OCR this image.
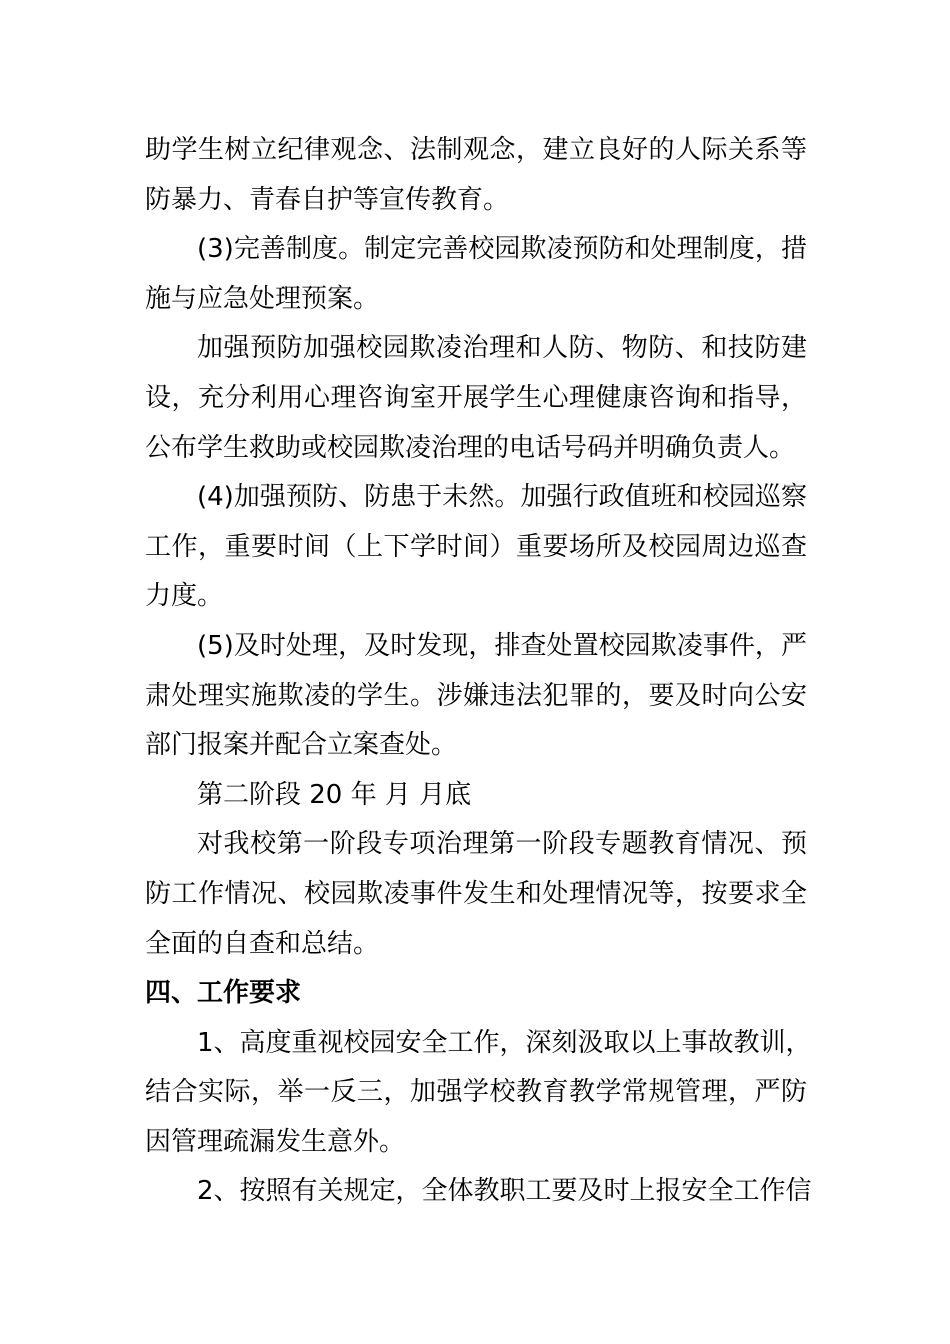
助学生树立纪律观念、法制观念，建立良好的人际关系等
防暴力、青春自护等宣传教育。
(3)完善制度。制定完善校园欺凌预防和处理制度，措
施与应急处理预案。
加强预防加强校园欺凌治理和人防、物防、和技防建
设，充分利用心理咨询室开展学生心理健康咨询和指导，
公布学生救助或校园欺凌治理的电话号码并明确负责人。
(4)加强预防、防患于未然。加强行政值班和校园巡察
工作，重要时间（上下学时间）重要场所及校园周边巡查
力度。
(5)及时处理，及时发现，排查处置校园欺凌事件，严
肃处理实施欺凌的学生。涉嫌违法犯罪的，要及时向公安
部门报案并配合立案查处。
第二阶段 20 年 月 月底
对我校第一阶段专项治理第一阶段专题教育情况、预
防工作情况、校园欺凌事件发生和处理情况等，按要求全
全面的自查和总结。
四、工作要求
1、高度重视校园安全工作，深刻汲取以上事故教训，
结合实际，举一反三，加强学校教育教学常规管理，严防
因管理疏漏发生意外。
2、按照有关规定，全体教职工要及时上报安全工作信
